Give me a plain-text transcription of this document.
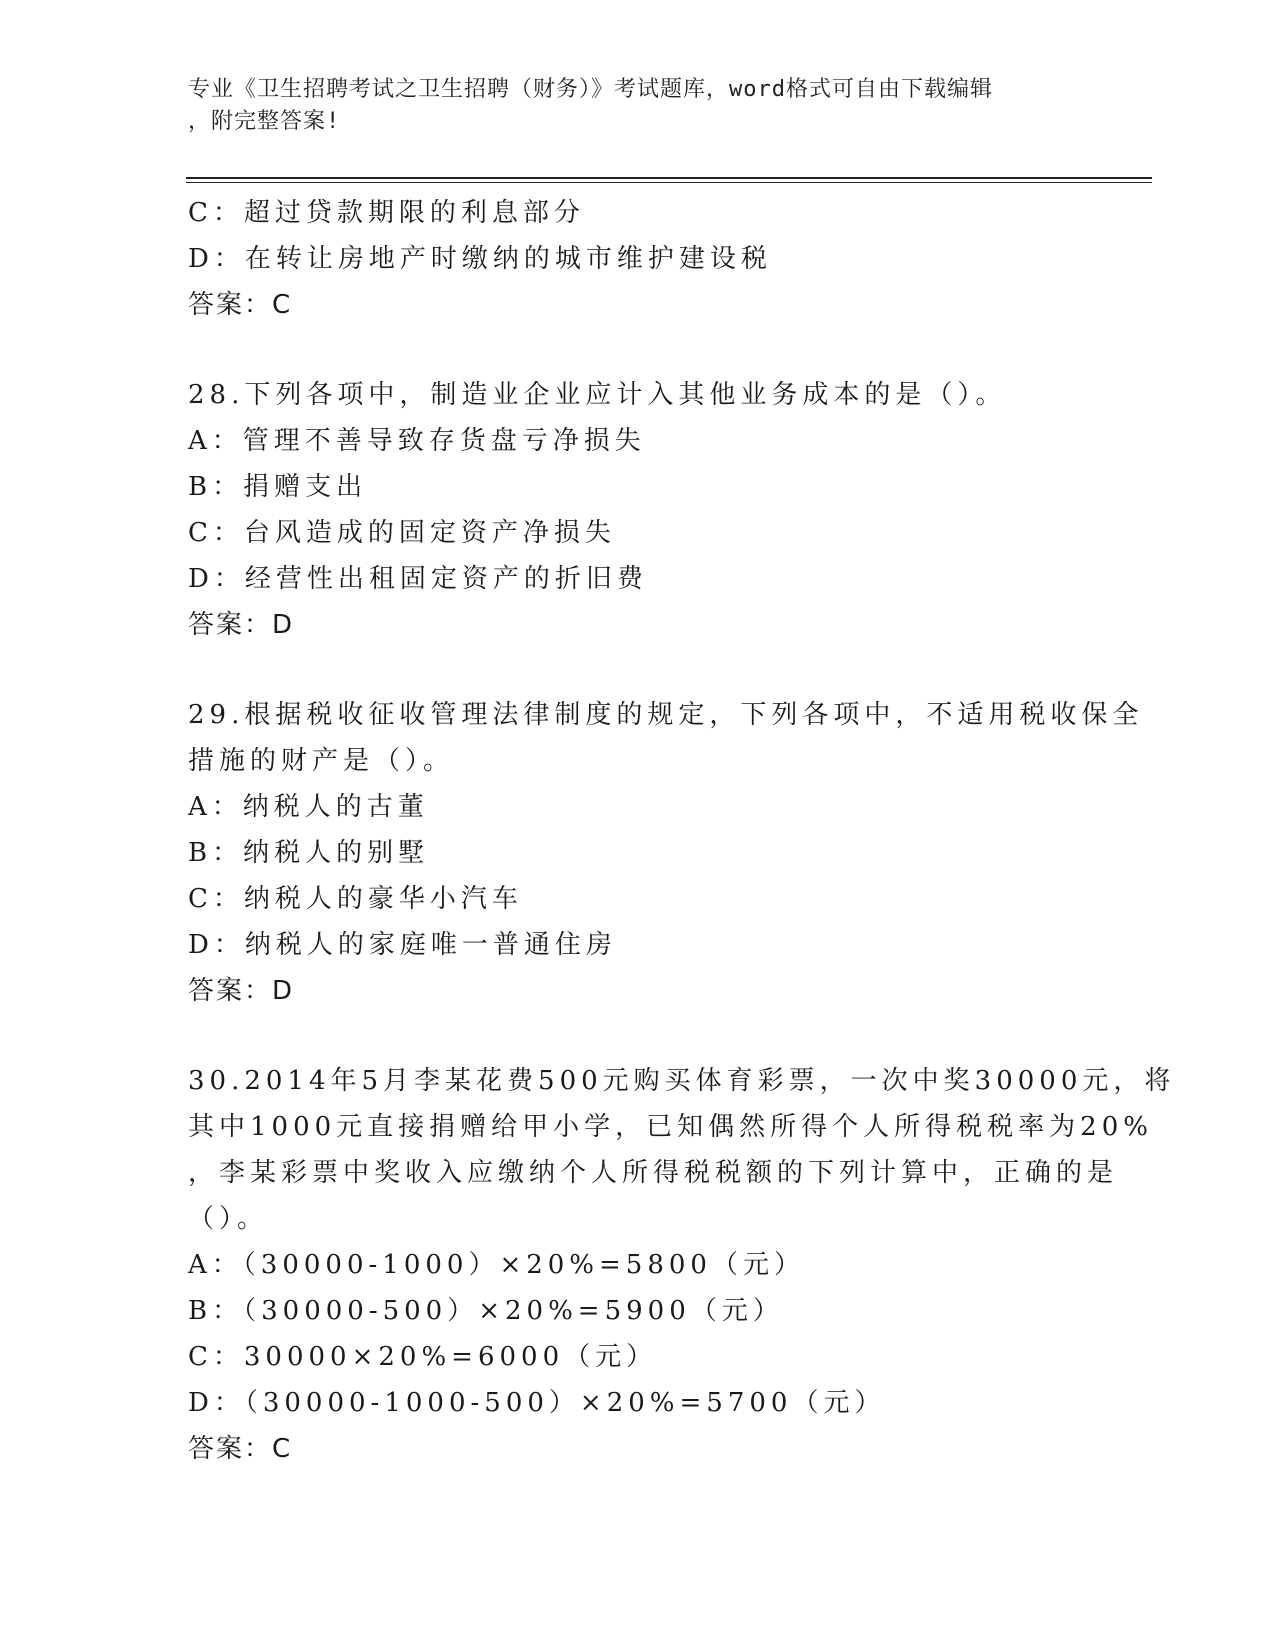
专业《卫生招聘考试之卫生招聘（财务）》考试题库，word格式可自由下载编辑
，附完整答案!
C：超过贷款期限的利息部分
D：在转让房地产时缴纳的城市维护建设税
答案：C
28.下列各项中，制造业企业应计入其他业务成本的是（）。
A：管理不善导致存货盘亏净损失
B：捐赠支出
C：台风造成的固定资产净损失
D：经营性出租固定资产的折旧费
答案：D
29.根据税收征收管理法律制度的规定，下列各项中，不适用税收保全
措施的财产是（）。
A：纳税人的古董
B：纳税人的别墅
C：纳税人的豪华小汽车
D：纳税人的家庭唯一普通住房
答案：D
30.2014年5月李某花费500元购买体育彩票，一次中奖30000元，将
其中1000元直接捐赠给甲小学，已知偶然所得个人所得税税率为20%
，李某彩票中奖收入应缴纳个人所得税税额的下列计算中，正确的是
（）。
A：（30000-1000）×20%=5800（元）
B：（30000-500）×20%=5900（元）
C：30000×20%=6000（元）
D：（30000-1000-500）×20%=5700（元）
答案：C
